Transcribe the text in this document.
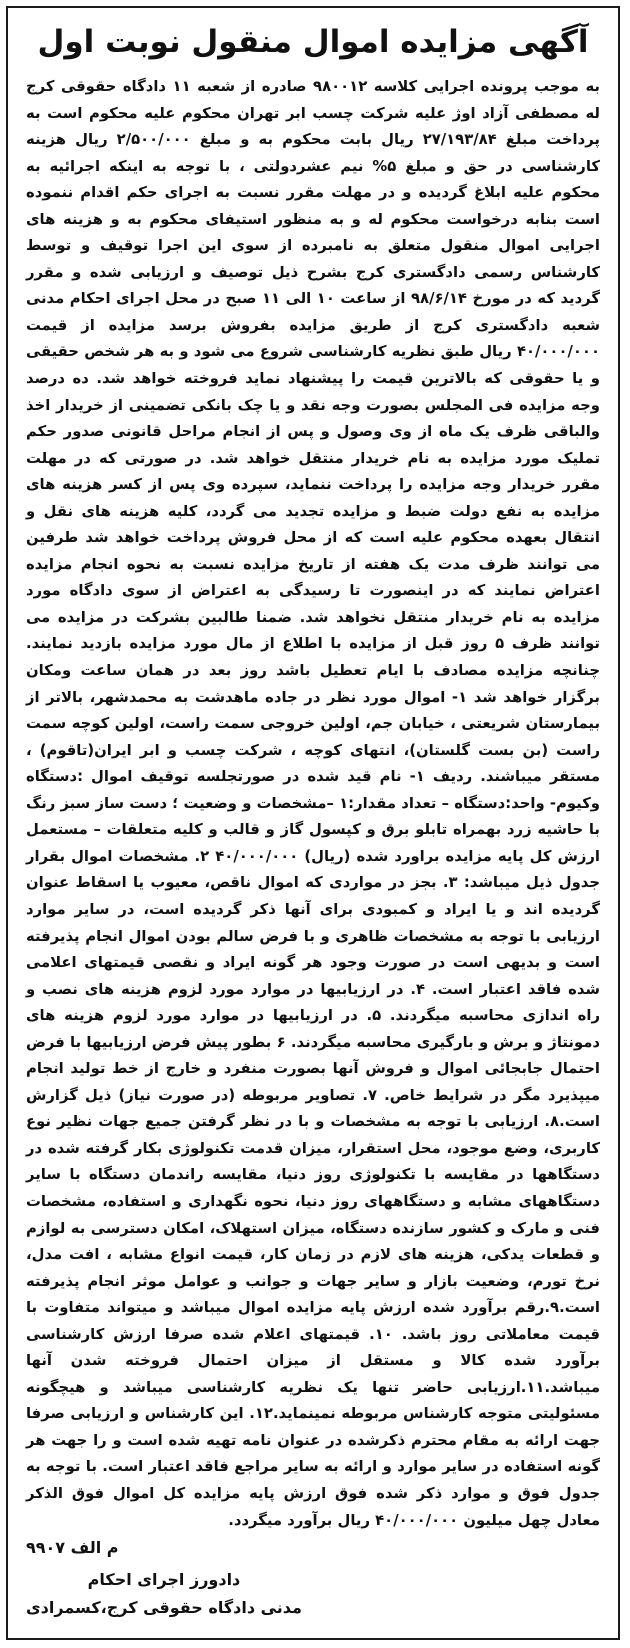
آگهی مزایده اموال منقول نوبت اول
به موجب پرونده اجرایی کلاسه ۹۸۰۰۱۲ صادره از شعبه ۱۱ دادگاه حقوقی کرج له مصطفی آزاد اوژ علیه شرکت چسب ابر تهران محکوم علیه محکوم است به پرداخت مبلغ ۲۷/۱۹۳/۸۴ ریال بابت محکوم به و مبلغ ۲/۵۰۰/۰۰۰ ریال هزینه کارشناسی در حق و مبلغ ۵% نیم عشردولتی ، با توجه به اینکه اجرائیه به محکوم علیه ابلاغ گردیده و در مهلت مقرر نسبت به اجرای حکم اقدام ننموده است بنابه درخواست محکوم له و به منظور استیفای محکوم به و هزینه های اجرایی اموال منقول متعلق به نامبرده از سوی این اجرا توقیف و توسط کارشناس رسمی دادگستری کرج بشرح ذیل توصیف و ارزیابی شده و مقرر گردید که در مورخ ۹۸/۶/۱۴ از ساعت ۱۰ الی ۱۱ صبح در محل اجرای احکام مدنی شعبه دادگستری کرج از طریق مزایده بفروش برسد مزایده از قیمت ۴۰/۰۰۰/۰۰۰ ریال طبق نظریه کارشناسی شروع می شود و به هر شخص حقیقی و یا حقوقی که بالاترین قیمت را پیشنهاد نماید فروخته خواهد شد. ده درصد وجه مزایده فی المجلس بصورت وجه نقد و یا چک بانکی تضمینی از خریدار اخذ والباقی ظرف یک ماه از وی وصول و پس از انجام مراحل قانونی صدور حکم تملیک مورد مزایده به نام خریدار منتقل خواهد شد. در صورتی که در مهلت مقرر خریدار وجه مزایده را پرداخت ننماید، سپرده وی پس از کسر هزینه های مزایده به نفع دولت ضبط و مزایده تجدید می گردد، کلیه هزینه های نقل و انتقال بعهده محکوم علیه است که از محل فروش پرداخت خواهد شد طرفین می توانند ظرف مدت یک هفته از تاریخ مزایده نسبت به نحوه انجام مزایده اعتراض نمایند که در اینصورت تا رسیدگی به اعتراض از سوی دادگاه مورد مزایده به نام خریدار منتقل نخواهد شد. ضمنا طالبین بشرکت در مزایده می توانند ظرف ۵ روز قبل از مزایده با اطلاع از مال مورد مزایده بازدید نمایند. چنانچه مزایده مصادف با ایام تعطیل باشد روز بعد در همان ساعت ومکان برگزار خواهد شد ۱- اموال مورد نظر در جاده ماهدشت به محمدشهر، بالاتر از بیمارستان شریعتی ، خیابان جم، اولین خروجی سمت راست، اولین کوچه سمت راست (بن بست گلستان)، انتهای کوچه ، شرکت چسب و ابر ایران(تاقوم) ، مستقر میباشند. ردیف ۱- نام قید شده در صورتجلسه توقیف اموال :دستگاه وکیوم- واحد:دستگاه – تعداد مقدار:۱ –مشخصات و وضعیت ؛ دست ساز سبز رنگ با حاشیه زرد بهمراه تابلو برق و کپسول گاز و قالب و کلیه متعلقات – مستعمل ارزش کل پایه مزایده براورد شده (ریال) ۴۰/۰۰۰/۰۰۰ ۲. مشخصات اموال بقرار جدول ذیل میباشد: ۳. بجز در مواردی که اموال ناقص، معیوب یا اسقاط عنوان گردیده اند و یا ایراد و کمبودی برای آنها ذکر گردیده است، در سایر موارد ارزیابی با توجه به مشخصات ظاهری و با فرض سالم بودن اموال انجام پذیرفته است و بدیهی است در صورت وجود هر گونه ایراد و نقصی قیمتهای اعلامی شده فاقد اعتبار است. ۴. در ارزیابیها در موارد مورد لزوم هزینه های نصب و راه اندازی محاسبه میگردند. ۵. در ارزیابیها در موارد مورد لزوم هزینه های دمونتاژ و برش و بارگیری محاسبه میگردند. ۶ بطور پیش فرض ارزیابیها با فرض احتمال جابجائی اموال و فروش آنها بصورت منفرد و خارج از خط تولید انجام میپذیرد مگر در شرایط خاص. ۷. تصاویر مربوطه (در صورت نیاز) ذیل گزارش است.۸. ارزیابی با توجه به مشخصات و با در نظر گرفتن جمیع جهات نظیر نوع کاربری، وضع موجود، محل استقرار، میزان قدمت تکنولوژی بکار گرفته شده در دستگاهها در مقایسه با تکنولوژی روز دنیا، مقایسه راندمان دستگاه با سایر دستگاههای مشابه و دستگاههای روز دنیا، نحوه نگهداری و استفاده، مشخصات فنی و مارک و کشور سازنده دستگاه، میزان استهلاک، امکان دسترسی به لوازم و قطعات یدکی، هزینه های لازم در زمان کار، قیمت انواع مشابه ، افت مدل، نرخ تورم، وضعیت بازار و سایر جهات و جوانب و عوامل موثر انجام پذیرفته است.۹.رقم برآورد شده ارزش پایه مزایده اموال میباشد و میتواند متفاوت با قیمت معاملاتی روز باشد. ۱۰. قیمتهای اعلام شده صرفا ارزش کارشناسی برآورد شده کالا و مستقل از میزان احتمال فروخته شدن آنها میباشد.۱۱.ارزیابی حاضر تنها یک نظریه کارشناسی میباشد و هیچگونه مسئولیتی متوجه کارشناس مربوطه نمینماید.۱۲. این کارشناس و ارزیابی صرفا جهت ارائه به مقام محترم ذکرشده در عنوان نامه تهیه شده است و را جهت هر گونه استفاده در سایر موارد و ارائه به سایر مراجع فاقد اعتبار است. با توجه به جدول فوق و موارد ذکر شده فوق ارزش پایه مزایده کل اموال فوق الذکر معادل چهل میلیون ۴۰/۰۰۰/۰۰۰ ریال برآورد میگردد.
م الف ۹۹۰۷
دادورز اجرای احکام
مدنی دادگاه حقوقی کرج،کسمرادی
